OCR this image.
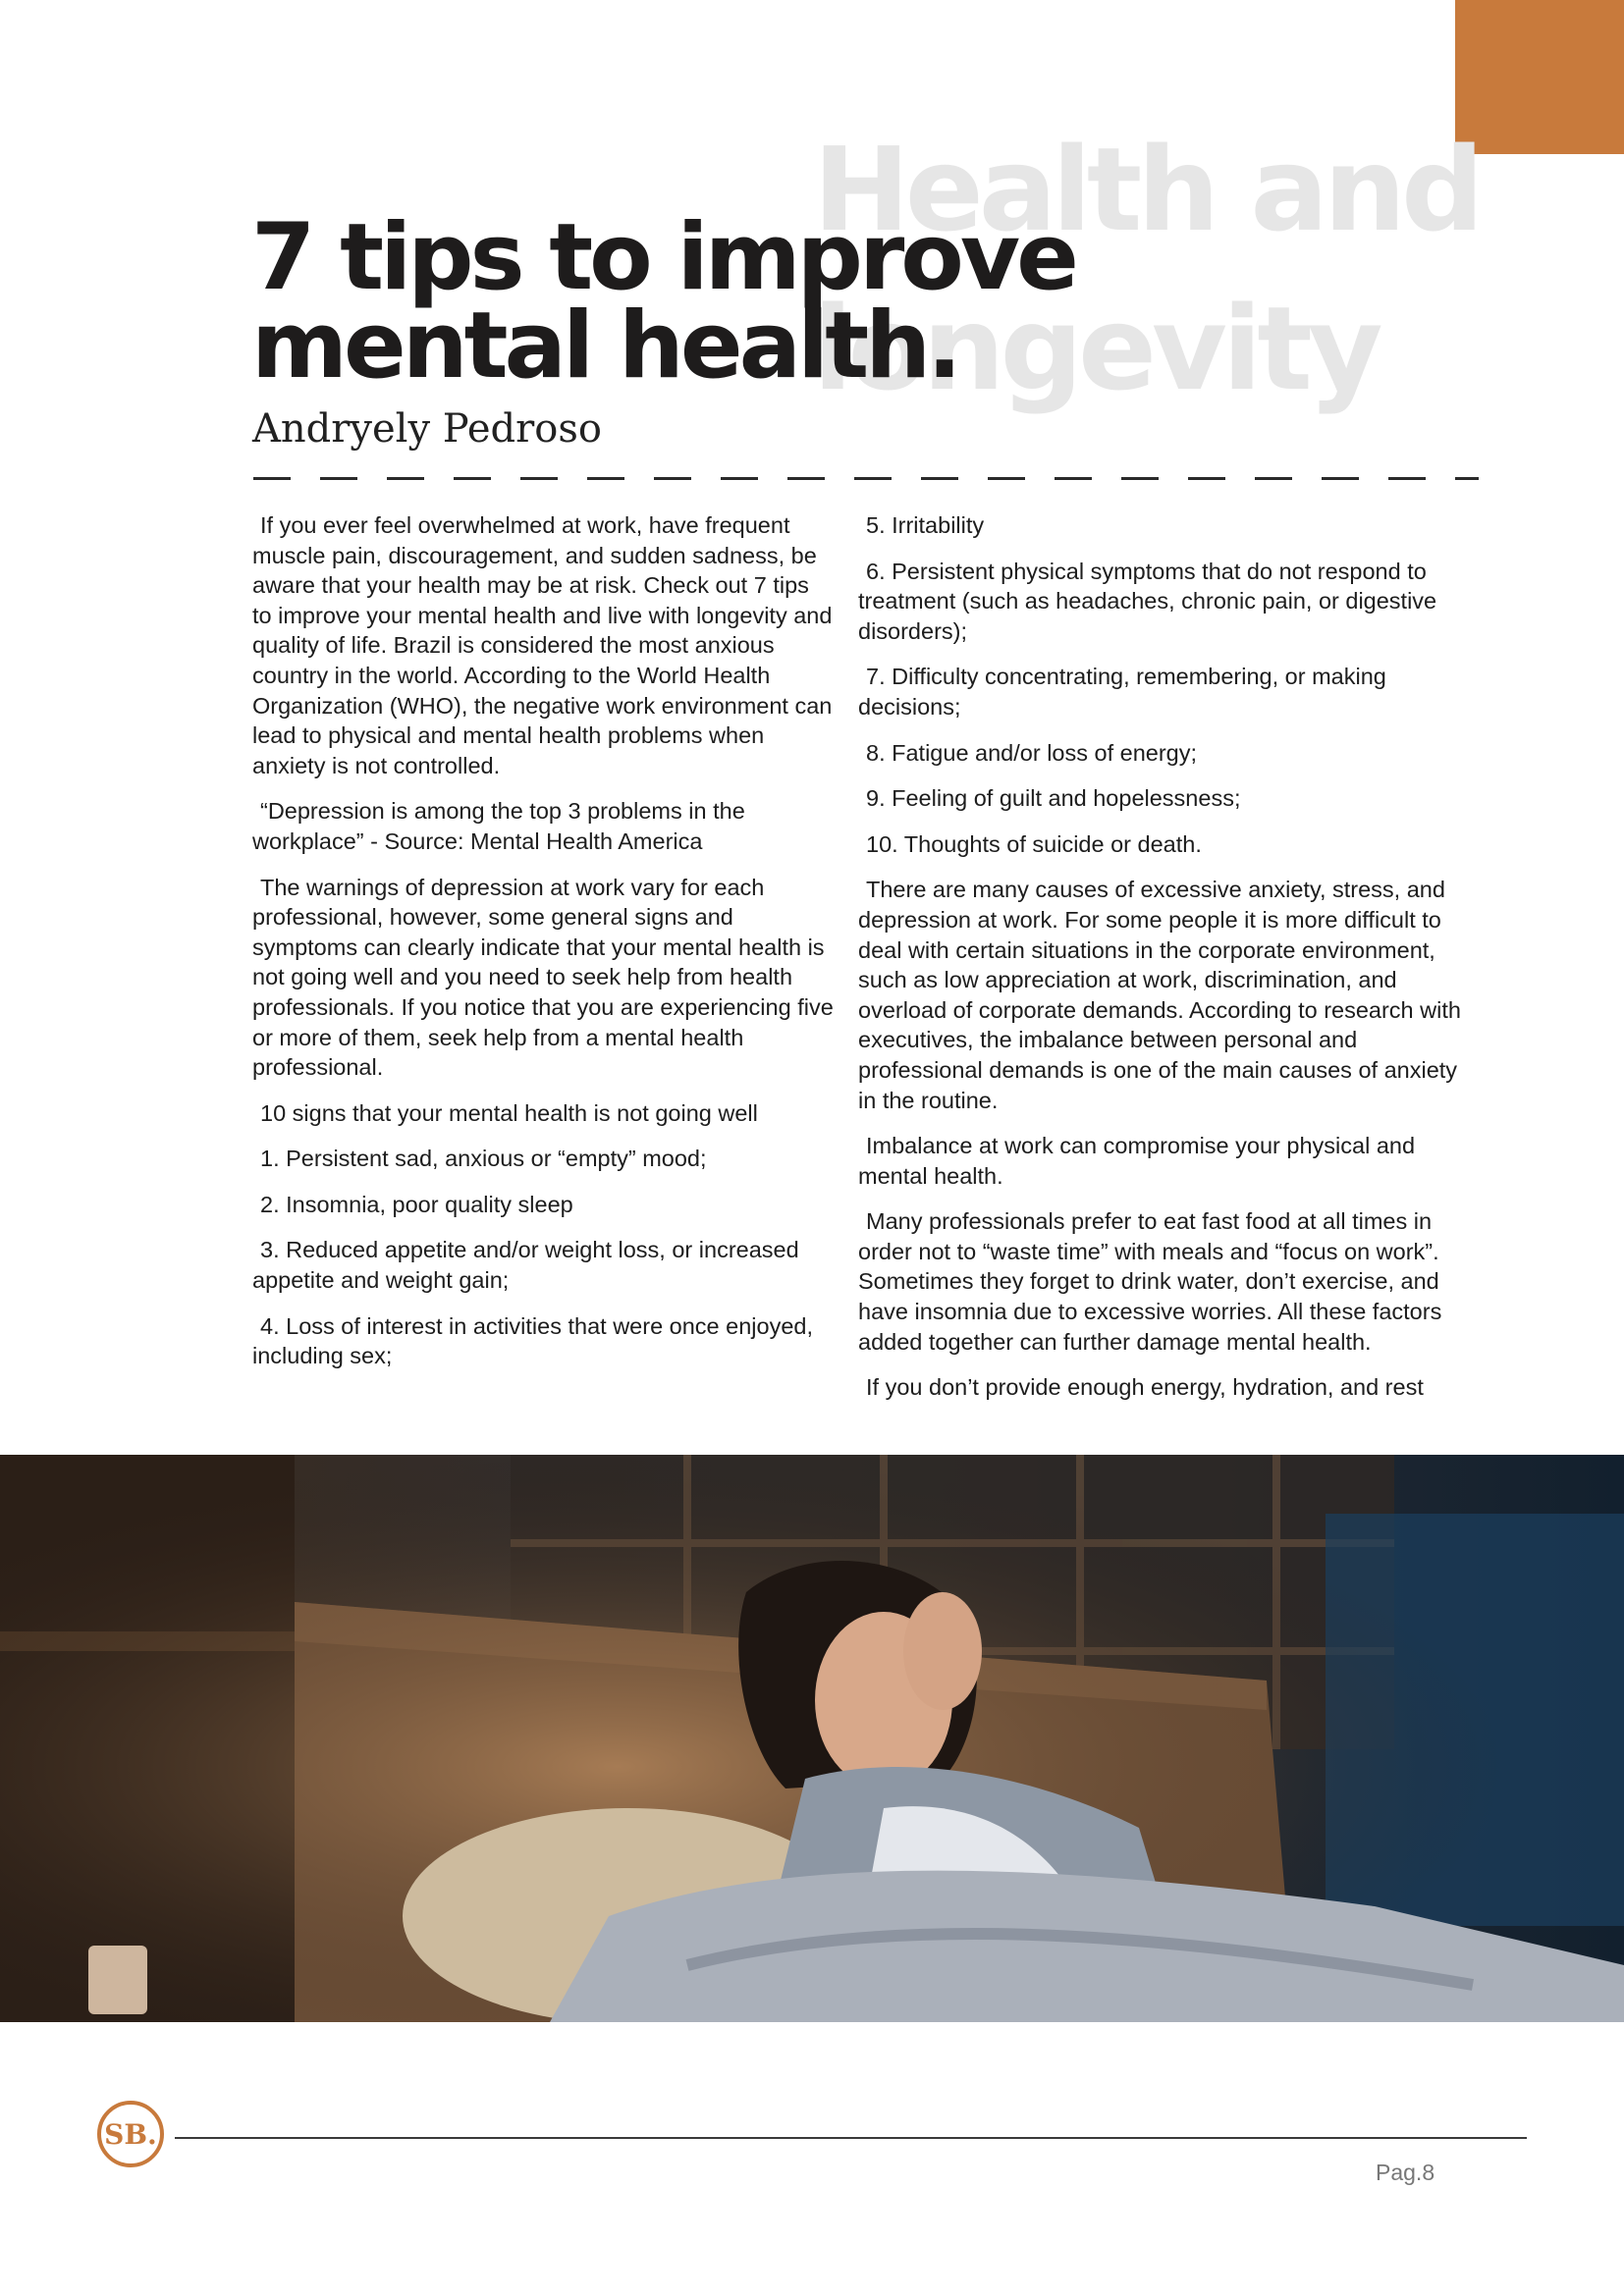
Health and
longevity
7 tips to improve
mental health.
Andryely Pedroso

If you ever feel overwhelmed at work, have frequent muscle pain, discouragement, and sudden sadness, be aware that your health may be at risk. Check out 7 tips to improve your mental health and live with longevity and quality of life. Brazil is considered the most anxious country in the world. According to the World Health Organization (WHO), the negative work environment can lead to physical and mental health problems when anxiety is not controlled.

“Depression is among the top 3 problems in the workplace” - Source: Mental Health America

The warnings of depression at work vary for each professional, however, some general signs and symptoms can clearly indicate that your mental health is not going well and you need to seek help from health professionals. If you notice that you are experiencing five or more of them, seek help from a mental health professional.

10 signs that your mental health is not going well

1. Persistent sad, anxious or “empty” mood;

2. Insomnia, poor quality sleep

3. Reduced appetite and/or weight loss, or increased appetite and weight gain;

4. Loss of interest in activities that were once enjoyed, including sex;

5. Irritability

6. Persistent physical symptoms that do not respond to treatment (such as headaches, chronic pain, or digestive disorders);

7. Difficulty concentrating, remembering, or making decisions;

8. Fatigue and/or loss of energy;

9. Feeling of guilt and hopelessness;

10. Thoughts of suicide or death.

There are many causes of excessive anxiety, stress, and depression at work. For some people it is more difficult to deal with certain situations in the corporate environment, such as low appreciation at work, discrimination, and overload of corporate demands. According to research with executives, the imbalance between personal and professional demands is one of the main causes of anxiety in the routine.

Imbalance at work can compromise your physical and mental health.

Many professionals prefer to eat fast food at all times in order not to “waste time” with meals and “focus on work”. Sometimes they forget to drink water, don’t exercise, and have insomnia due to excessive worries. All these factors added together can further damage mental health.

If you don’t provide enough energy, hydration, and rest

SB.
Pag.8
